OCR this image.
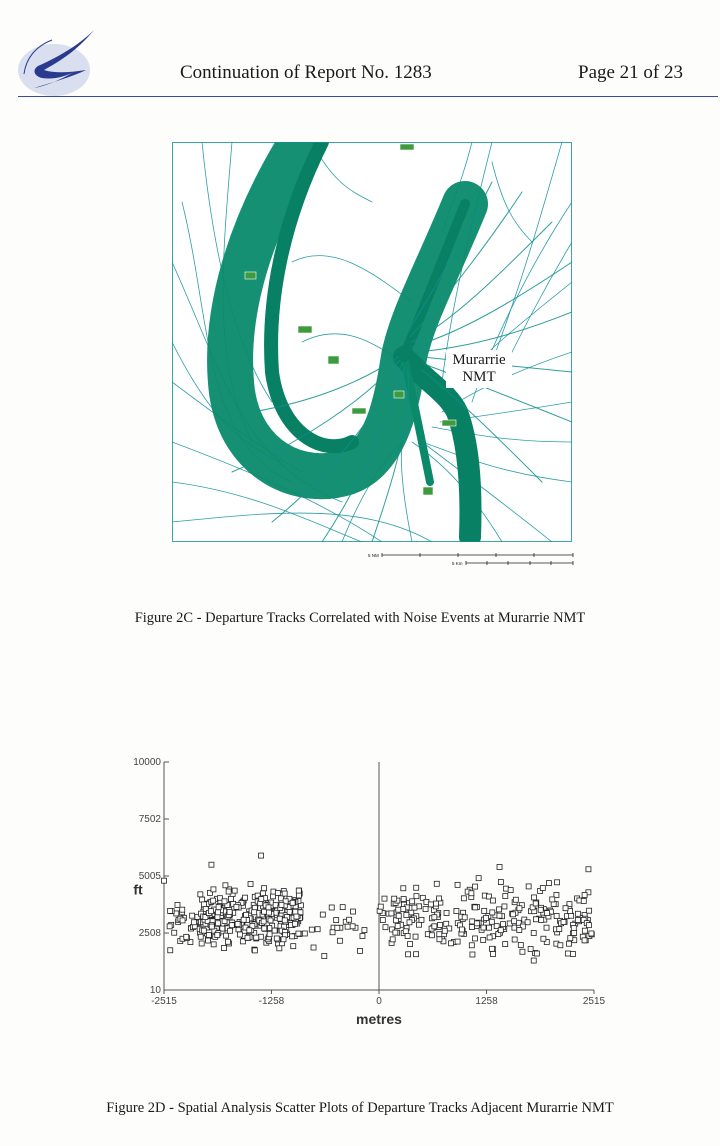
Continuation of Report No. 1283	Page 21 of 23
Murarrie
NMT
5 NM
5 Km
Figure 2C - Departure Tracks Correlated with Noise Events at Murarrie NMT
10000
7502
5005
2508
10
-2515	-1258	0	1258	2515
metres
ft
Figure 2D - Spatial Analysis Scatter Plots of Departure Tracks Adjacent Murarrie NMT
